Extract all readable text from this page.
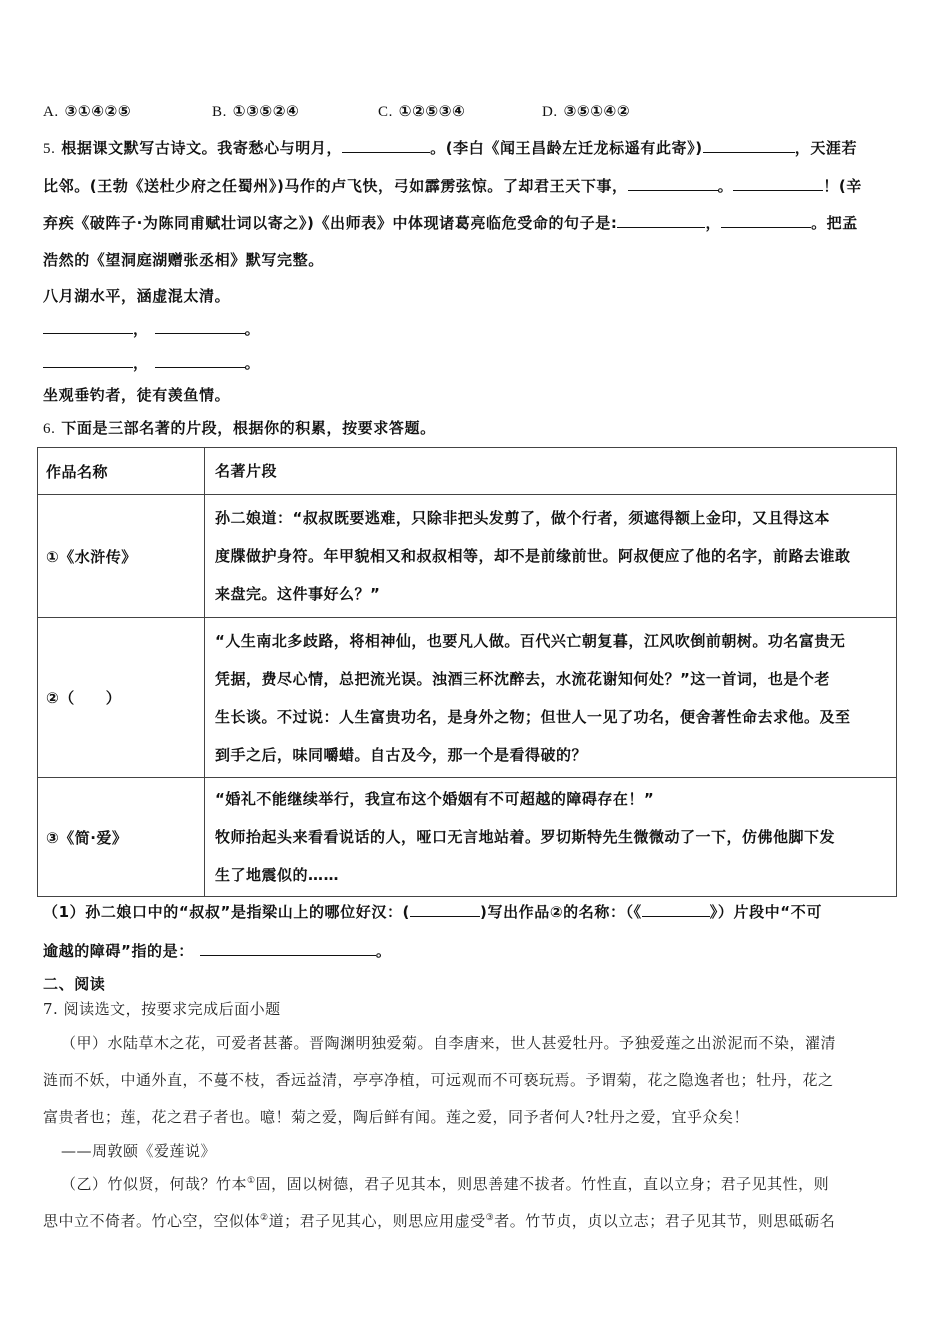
A. ③①④②⑤	B. ①③⑤②④	C. ①②⑤③④	D. ③⑤①④②
5. 根据课文默写古诗文。我寄愁心与明月，	。(李白《闻王昌龄左迁龙标遥有此寄》)	，天涯若
比邻。(王勃《送杜少府之任蜀州》)马作的卢飞快，弓如霹雳弦惊。了却君王天下事，	。	！(辛
弃疾《破阵子·为陈同甫赋壮词以寄之》)《出师表》中体现诸葛亮临危受命的句子是:	，	。把孟
浩然的《望洞庭湖赠张丞相》默写完整。
八月湖水平，涵虚混太清。
，	。
，	。
坐观垂钓者，徒有羡鱼情。
6. 下面是三部名著的片段，根据你的积累，按要求答题。
作品名称	名著片段
①《水浒传》	孙二娘道：“叔叔既要逃难，只除非把头发剪了，做个行者，须遮得额上金印，又且得这本
度牒做护身符。年甲貌相又和叔叔相等，却不是前缘前世。阿叔便应了他的名字，前路去谁敢
来盘完。这件事好么？”

②（　　）	“人生南北多歧路，将相神仙，也要凡人做。百代兴亡朝复暮，江风吹倒前朝树。功名富贵无
凭据，费尽心情，总把流光误。浊酒三杯沈醉去，水流花谢知何处？”这一首词，也是个老
生长谈。不过说：人生富贵功名，是身外之物；但世人一见了功名，便舍著性命去求他。及至
到手之后，味同嚼蜡。自古及今，那一个是看得破的？

③《简·爱》	“婚礼不能继续举行，我宣布这个婚姻有不可超越的障碍存在！”
牧师抬起头来看看说话的人，哑口无言地站着。罗切斯特先生微微动了一下，仿佛他脚下发
生了地震似的……
（1）孙二娘口中的“叔叔”是指梁山上的哪位好汉：(	)写出作品②的名称：（《	》）片段中“不可
逾越的障碍”指的是：	。
二、阅读
7. 阅读选文，按要求完成后面小题
（甲）水陆草木之花，可爱者甚蕃。晋陶渊明独爱菊。自李唐来，世人甚爱牡丹。予独爱莲之出淤泥而不染，濯清
涟而不妖，中通外直，不蔓不枝，香远益清，亭亭净植，可远观而不可亵玩焉。予谓菊，花之隐逸者也；牡丹，花之
富贵者也；莲，花之君子者也。噫！菊之爱，陶后鲜有闻。莲之爱，同予者何人?牡丹之爱，宜乎众矣！
——周敦颐《爱莲说》
（乙）竹似贤，何哉？竹本①固，固以树德，君子见其本，则思善建不拔者。竹性直，直以立身；君子见其性，则
思中立不倚者。竹心空，空似体②道；君子见其心，则思应用虚受③者。竹节贞，贞以立志；君子见其节，则思砥砺名
